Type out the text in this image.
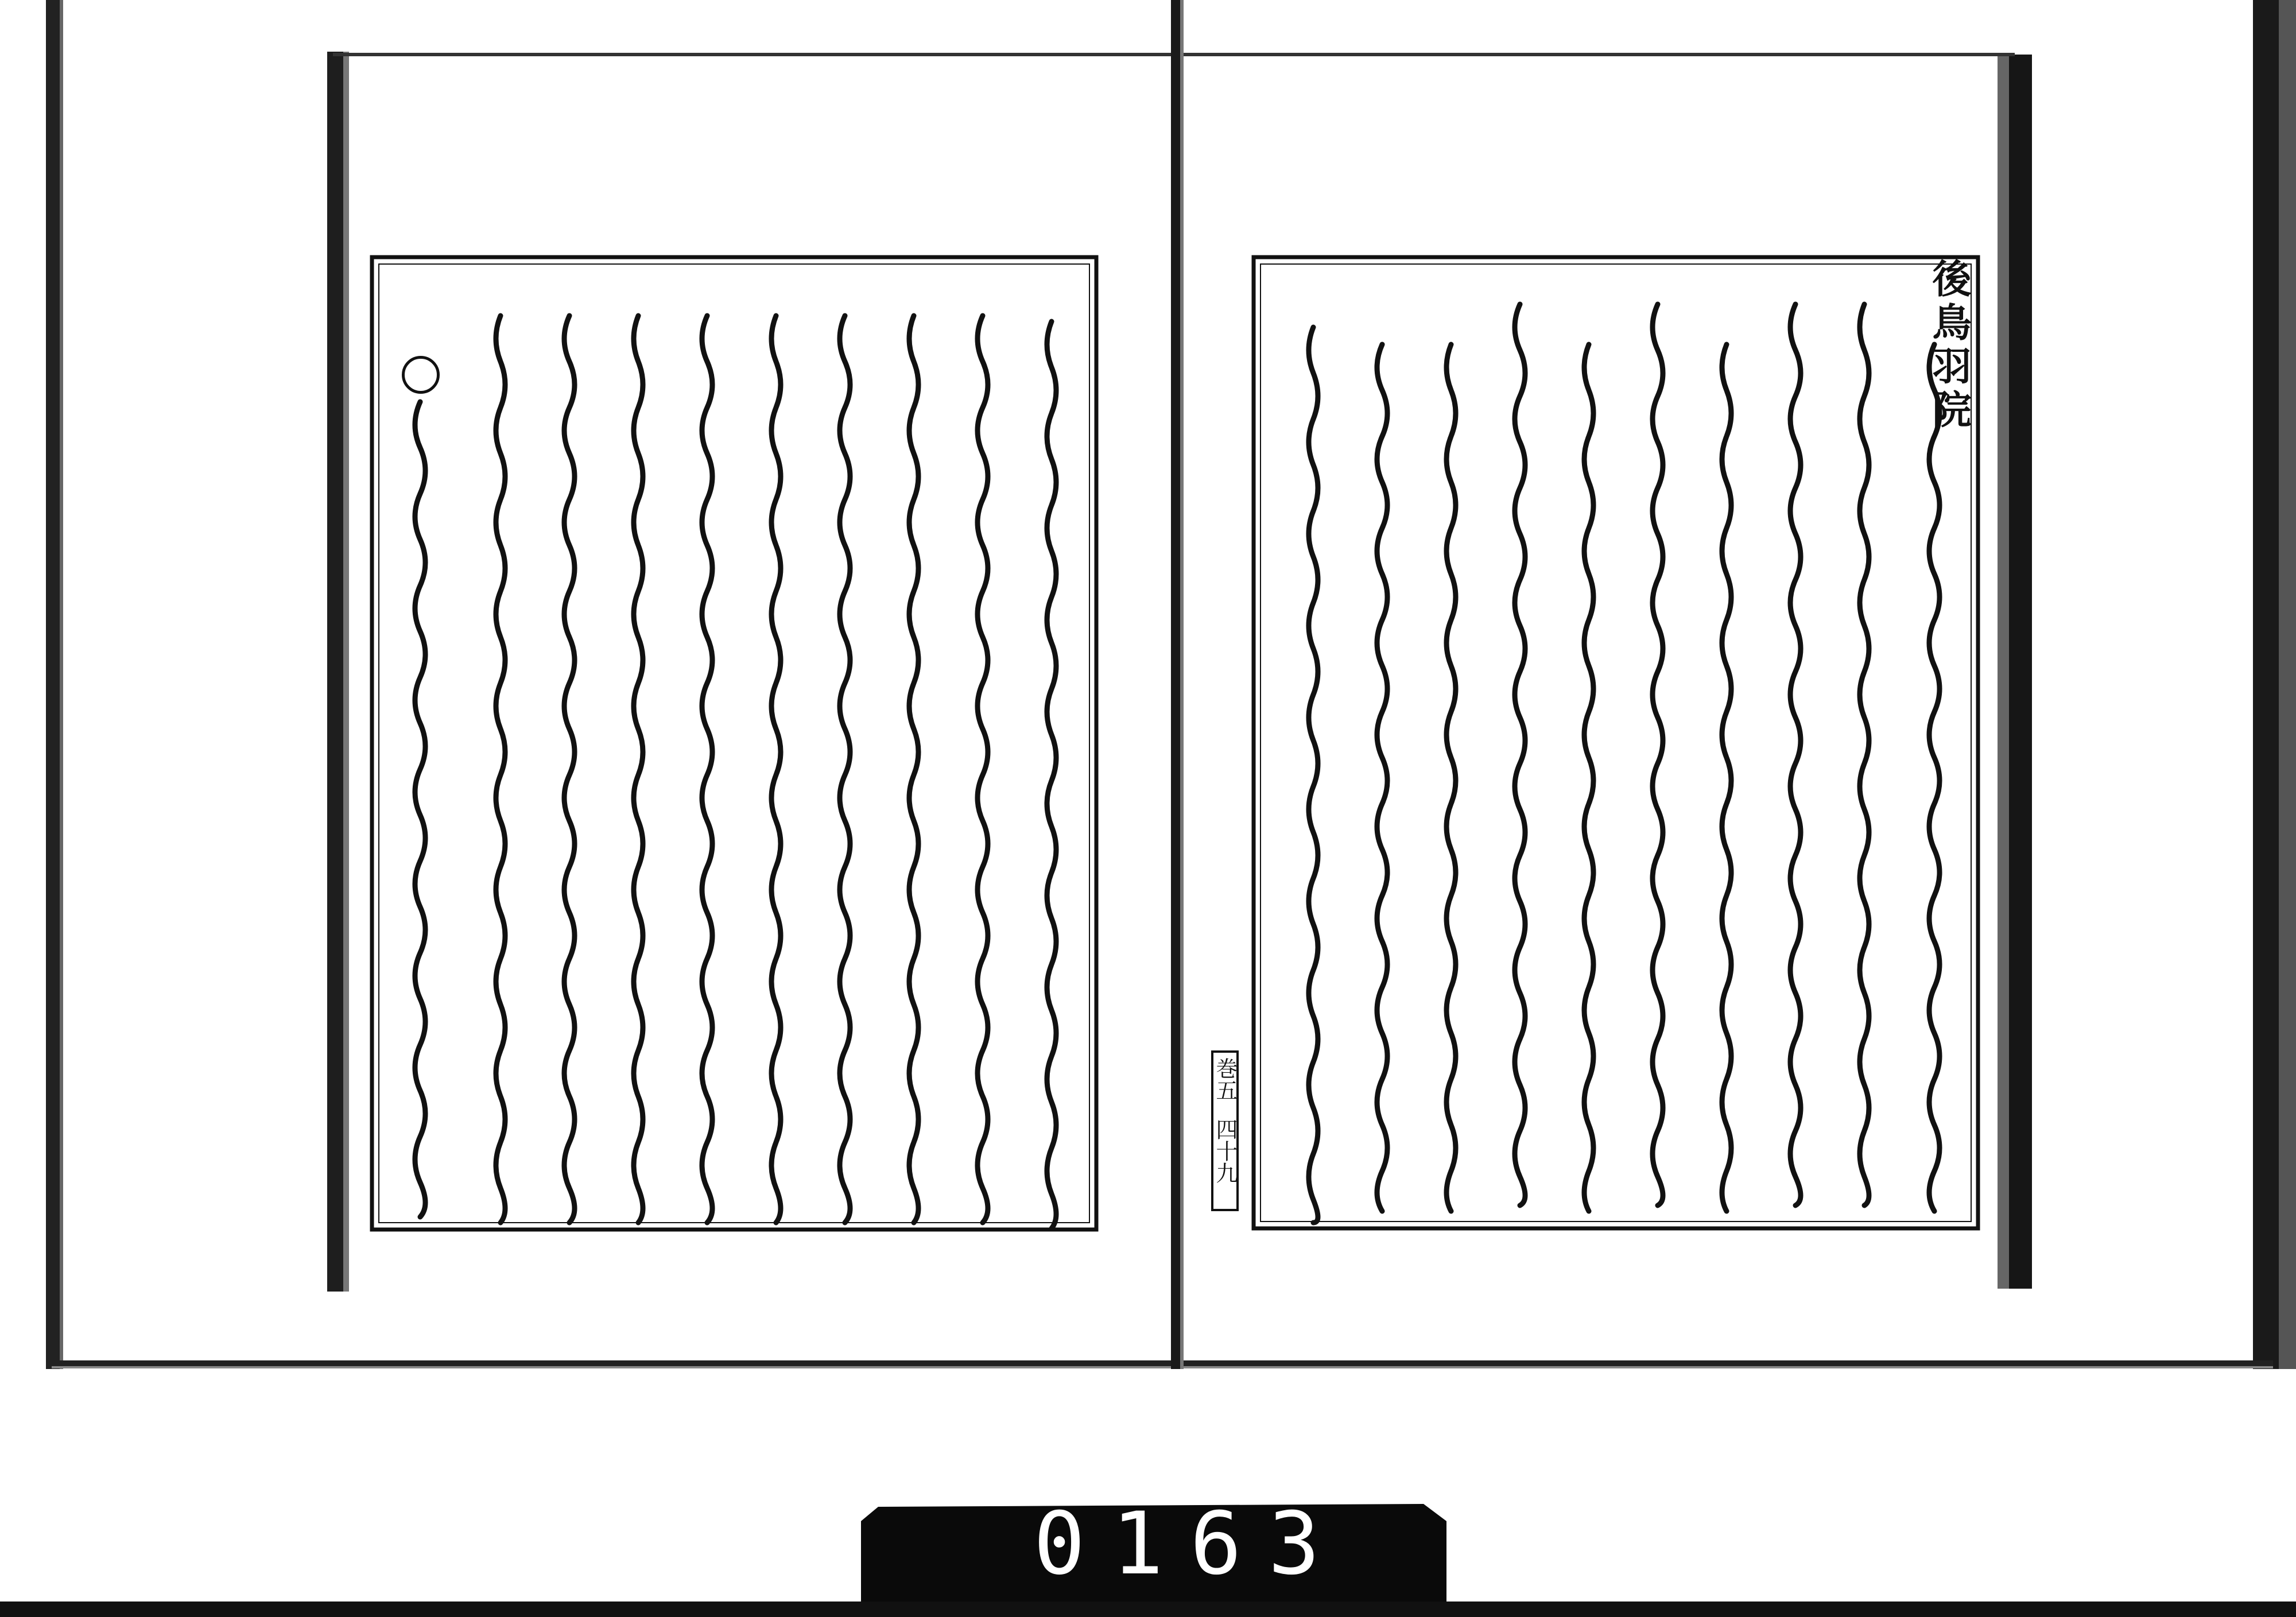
後鳥羽院
巻五
四十九
0 1 6 3
